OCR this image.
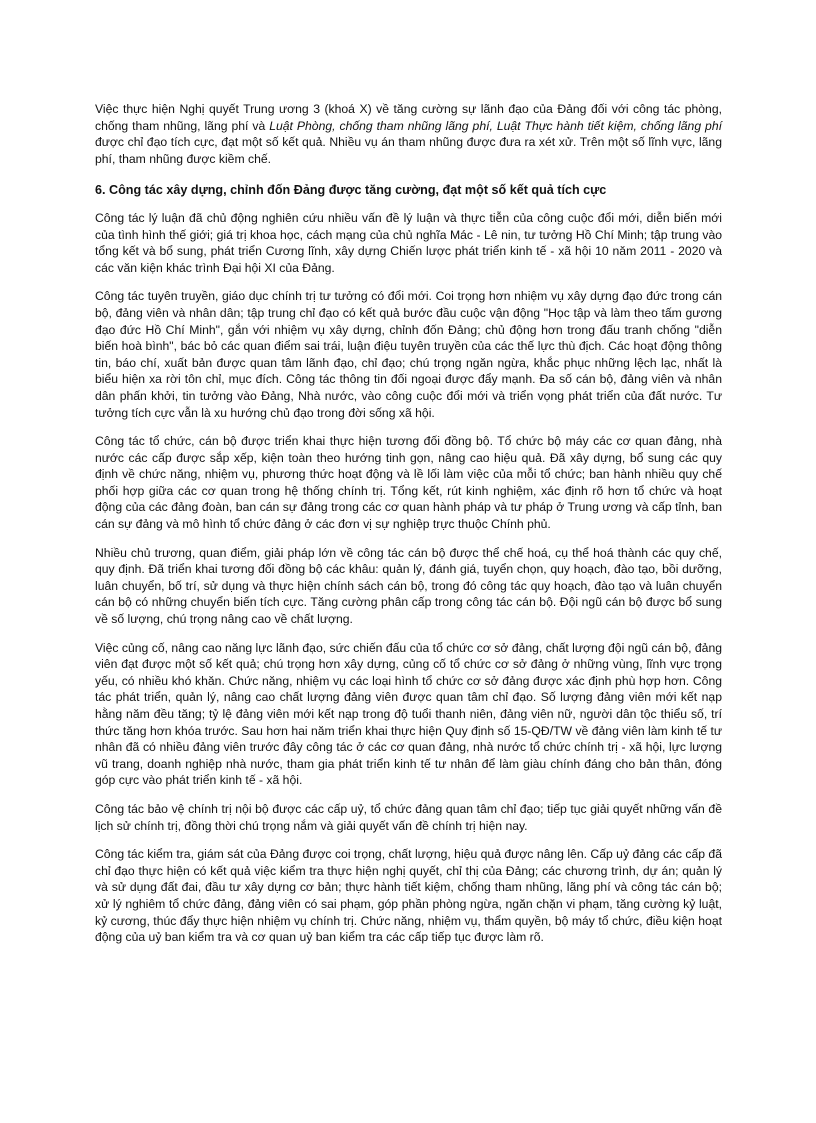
Việc thực hiện Nghị quyết Trung ương 3 (khoá X) về tăng cường sự lãnh đạo của Đảng đối với công tác phòng, chống tham nhũng, lãng phí và Luật Phòng, chống tham nhũng lãng phí, Luật Thực hành tiết kiệm, chống lãng phí được chỉ đạo tích cực, đạt một số kết quả. Nhiều vụ án tham nhũng được đưa ra xét xử. Trên một số lĩnh vực, lãng phí, tham nhũng được kiềm chế.

6. Công tác xây dựng, chỉnh đốn Đảng được tăng cường, đạt một số kết quả tích cực

Công tác lý luận đã chủ động nghiên cứu nhiều vấn đề lý luận và thực tiễn của công cuộc đổi mới, diễn biến mới của tình hình thế giới; giá trị khoa học, cách mạng của chủ nghĩa Mác - Lê nin, tư tưởng Hồ Chí Minh; tập trung vào tổng kết và bổ sung, phát triển Cương lĩnh, xây dựng Chiến lược phát triển kinh tế - xã hội 10 năm 2011 - 2020 và các văn kiện khác trình Đại hội XI của Đảng.

Công tác tuyên truyền, giáo dục chính trị tư tưởng có đổi mới. Coi trọng hơn nhiệm vụ xây dựng đạo đức trong cán bộ, đảng viên và nhân dân; tập trung chỉ đạo có kết quả bước đầu cuộc vận động "Học tập và làm theo tấm gương đạo đức Hồ Chí Minh", gắn với nhiệm vụ xây dựng, chỉnh đốn Đảng; chủ động hơn trong đấu tranh chống "diễn biến hoà bình", bác bỏ các quan điểm sai trái, luận điệu tuyên truyền của các thế lực thù địch. Các hoạt động thông tin, báo chí, xuất bản được quan tâm lãnh đạo, chỉ đạo; chú trọng ngăn ngừa, khắc phục những lệch lạc, nhất là biểu hiện xa rời tôn chỉ, mục đích. Công tác thông tin đối ngoại được đẩy mạnh. Đa số cán bộ, đảng viên và nhân dân phấn khởi, tin tưởng vào Đảng, Nhà nước, vào công cuộc đổi mới và triển vọng phát triển của đất nước. Tư tưởng tích cực vẫn là xu hướng chủ đạo trong đời sống xã hội.

Công tác tổ chức, cán bộ được triển khai thực hiện tương đối đồng bộ. Tổ chức bộ máy các cơ quan đảng, nhà nước các cấp được sắp xếp, kiện toàn theo hướng tinh gọn, nâng cao hiệu quả. Đã xây dựng, bổ sung các quy định về chức năng, nhiệm vụ, phương thức hoạt động và lề lối làm việc của mỗi tổ chức; ban hành nhiều quy chế phối hợp giữa các cơ quan trong hệ thống chính trị. Tổng kết, rút kinh nghiệm, xác định rõ hơn tổ chức và hoạt động của các đảng đoàn, ban cán sự đảng trong các cơ quan hành pháp và tư pháp ở Trung ương và cấp tỉnh, ban cán sự đảng và mô hình tổ chức đảng ở các đơn vị sự nghiệp trực thuộc Chính phủ.

Nhiều chủ trương, quan điểm, giải pháp lớn về công tác cán bộ được thể chế hoá, cụ thể hoá thành các quy chế, quy định. Đã triển khai tương đối đồng bộ các khâu: quản lý, đánh giá, tuyển chọn, quy hoạch, đào tạo, bồi dưỡng, luân chuyển, bố trí, sử dụng và thực hiện chính sách cán bộ, trong đó công tác quy hoạch, đào tạo và luân chuyển cán bộ có những chuyển biến tích cực. Tăng cường phân cấp trong công tác cán bộ. Đội ngũ cán bộ được bổ sung về số lượng, chú trọng nâng cao về chất lượng.

Việc củng cố, nâng cao năng lực lãnh đạo, sức chiến đấu của tổ chức cơ sở đảng, chất lượng đội ngũ cán bộ, đảng viên đạt được một số kết quả; chú trọng hơn xây dựng, củng cố tổ chức cơ sở đảng ở những vùng, lĩnh vực trọng yếu, có nhiều khó khăn. Chức năng, nhiệm vụ các loại hình tổ chức cơ sở đảng được xác định phù hợp hơn. Công tác phát triển, quản lý, nâng cao chất lượng đảng viên được quan tâm chỉ đạo. Số lượng đảng viên mới kết nạp hằng năm đều tăng; tỷ lệ đảng viên mới kết nạp trong độ tuổi thanh niên, đảng viên nữ, người dân tộc thiểu số, trí thức tăng hơn khóa trước. Sau hơn hai năm triển khai thực hiện Quy định số 15-QĐ/TW về đảng viên làm kinh tế tư nhân đã có nhiều đảng viên trước đây công tác ở các cơ quan đảng, nhà nước tổ chức chính trị - xã hội, lực lượng vũ trang, doanh nghiệp nhà nước, tham gia phát triển kinh tế tư nhân để làm giàu chính đáng cho bản thân, đóng góp cực vào phát triển kinh tế - xã hội.

Công tác bảo vệ chính trị nội bộ được các cấp uỷ, tổ chức đảng quan tâm chỉ đạo; tiếp tục giải quyết những vấn đề lịch sử chính trị, đồng thời chú trọng nắm và giải quyết vấn đề chính trị hiện nay.

Công tác kiểm tra, giám sát của Đảng được coi trọng, chất lượng, hiệu quả được nâng lên. Cấp uỷ đảng các cấp đã chỉ đạo thực hiện có kết quả việc kiểm tra thực hiện nghị quyết, chỉ thị của Đảng; các chương trình, dự án; quản lý và sử dụng đất đai, đầu tư xây dựng cơ bản; thực hành tiết kiệm, chống tham nhũng, lãng phí và công tác cán bộ; xử lý nghiêm tổ chức đảng, đảng viên có sai phạm, góp phần phòng ngừa, ngăn chặn vi phạm, tăng cường kỷ luật, kỷ cương, thúc đẩy thực hiện nhiệm vụ chính trị. Chức năng, nhiệm vụ, thẩm quyền, bộ máy tổ chức, điều kiện hoạt động của uỷ ban kiểm tra và cơ quan uỷ ban kiểm tra các cấp tiếp tục được làm rõ.
